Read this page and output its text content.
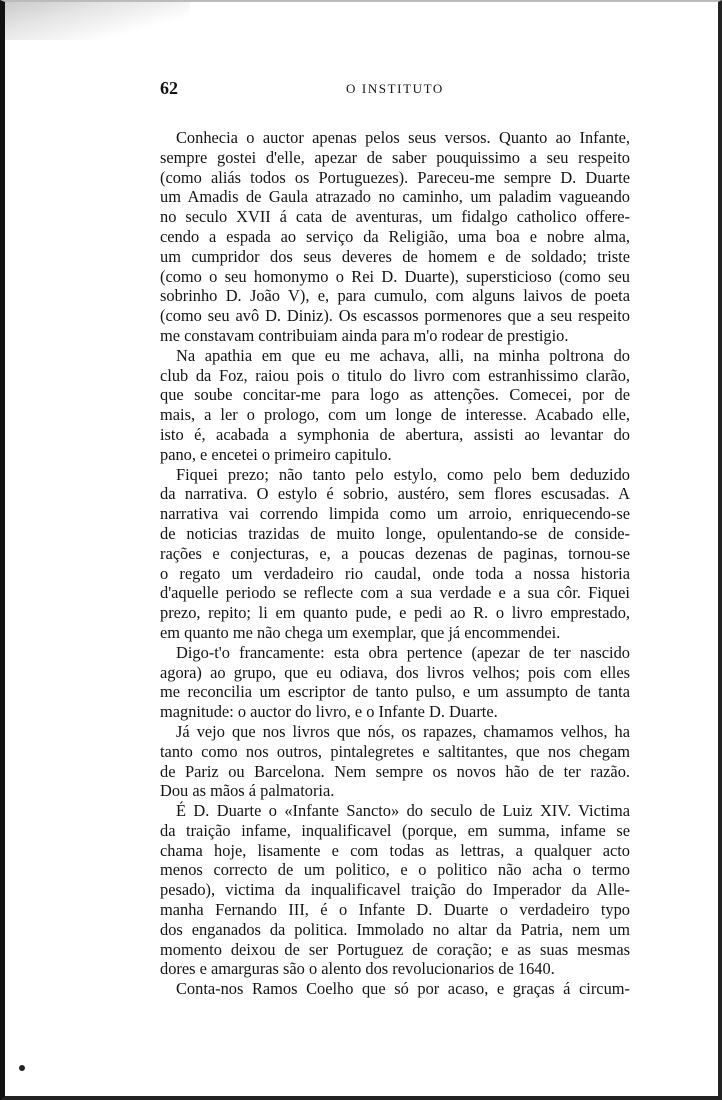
62	O INSTITUTO

Conhecia o auctor apenas pelos seus versos. Quanto ao Infante,
sempre gostei d'elle, apezar de saber pouquissimo a seu respeito
(como aliás todos os Portuguezes). Pareceu-me sempre D. Duarte
um Amadis de Gaula atrazado no caminho, um paladim vagueando
no seculo XVII á cata de aventuras, um fidalgo catholico offere-
cendo a espada ao serviço da Religião, uma boa e nobre alma,
um cumpridor dos seus deveres de homem e de soldado; triste
(como o seu homonymo o Rei D. Duarte), supersticioso (como seu
sobrinho D. João V), e, para cumulo, com alguns laivos de poeta
(como seu avô D. Diniz). Os escassos pormenores que a seu respeito
me constavam contribuiam ainda para m'o rodear de prestigio.

Na apathia em que eu me achava, alli, na minha poltrona do
club da Foz, raiou pois o titulo do livro com estranhissimo clarão,
que soube concitar-me para logo as attenções. Comecei, por de
mais, a ler o prologo, com um longe de interesse. Acabado elle,
isto é, acabada a symphonia de abertura, assisti ao levantar do
pano, e encetei o primeiro capitulo.

Fiquei prezo; não tanto pelo estylo, como pelo bem deduzido
da narrativa. O estylo é sobrio, austéro, sem flores escusadas. A
narrativa vai correndo limpida como um arroio, enriquecendo-se
de noticias trazidas de muito longe, opulentando-se de conside-
rações e conjecturas, e, a poucas dezenas de paginas, tornou-se
o regato um verdadeiro rio caudal, onde toda a nossa historia
d'aquelle periodo se reflecte com a sua verdade e a sua côr. Fiquei
prezo, repito; li em quanto pude, e pedi ao R. o livro emprestado,
em quanto me não chega um exemplar, que já encommendei.

Digo-t'o francamente: esta obra pertence (apezar de ter nascido
agora) ao grupo, que eu odiava, dos livros velhos; pois com elles
me reconcilia um escriptor de tanto pulso, e um assumpto de tanta
magnitude: o auctor do livro, e o Infante D. Duarte.

Já vejo que nos livros que nós, os rapazes, chamamos velhos, ha
tanto como nos outros, pintalegretes e saltitantes, que nos chegam
de Pariz ou Barcelona. Nem sempre os novos hão de ter razão.
Dou as mãos á palmatoria.

É D. Duarte o «Infante Sancto» do seculo de Luiz XIV. Victima
da traição infame, inqualificavel (porque, em summa, infame se
chama hoje, lisamente e com todas as lettras, a qualquer acto
menos correcto de um politico, e o politico não acha o termo
pesado), victima da inqualificavel traição do Imperador da Alle-
manha Fernando III, é o Infante D. Duarte o verdadeiro typo
dos enganados da politica. Immolado no altar da Patria, nem um
momento deixou de ser Portuguez de coração; e as suas mesmas
dores e amarguras são o alento dos revolucionarios de 1640.

Conta-nos Ramos Coelho que só por acaso, e graças á circum-
